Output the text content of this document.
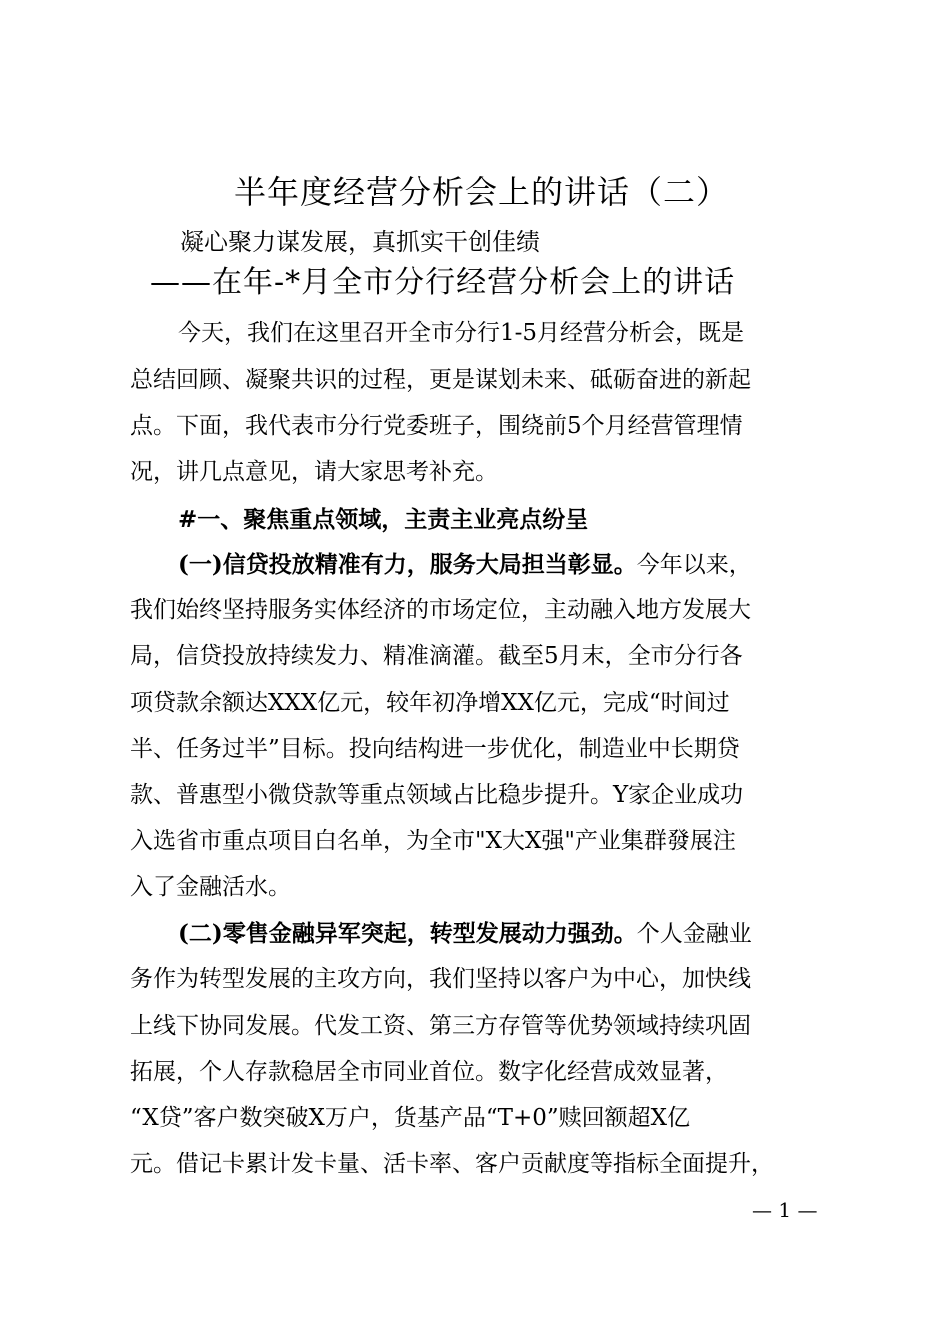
半年度经营分析会上的讲话（二）
凝心聚力谋发展，真抓实干创佳绩
——在年-*月全市分行经营分析会上的讲话
今天，我们在这里召开全市分行1-5月经营分析会，既是
总结回顾、凝聚共识的过程，更是谋划未来、砥砺奋进的新起
点。下面，我代表市分行党委班子，围绕前5个月经营管理情
况，讲几点意见，请大家思考补充。
#一、聚焦重点领域，主责主业亮点纷呈
(一)信贷投放精准有力，服务大局担当彰显。今年以来，
我们始终坚持服务实体经济的市场定位，主动融入地方发展大
局，信贷投放持续发力、精准滴灌。截至5月末，全市分行各
项贷款余额达XXX亿元，较年初净增XX亿元，完成“时间过
半、任务过半”目标。投向结构进一步优化，制造业中长期贷
款、普惠型小微贷款等重点领域占比稳步提升。Y家企业成功
入选省市重点项目白名单，为全市"X大X强"产业集群發展注
入了金融活水。
(二)零售金融异军突起，转型发展动力强劲。个人金融业
务作为转型发展的主攻方向，我们坚持以客户为中心，加快线
上线下协同发展。代发工资、第三方存管等优势领域持续巩固
拓展，个人存款稳居全市同业首位。数字化经营成效显著，
“X贷”客户数突破X万户，货基产品“T+0”赎回额超X亿
元。借记卡累计发卡量、活卡率、客户贡献度等指标全面提升，
— 1 —
